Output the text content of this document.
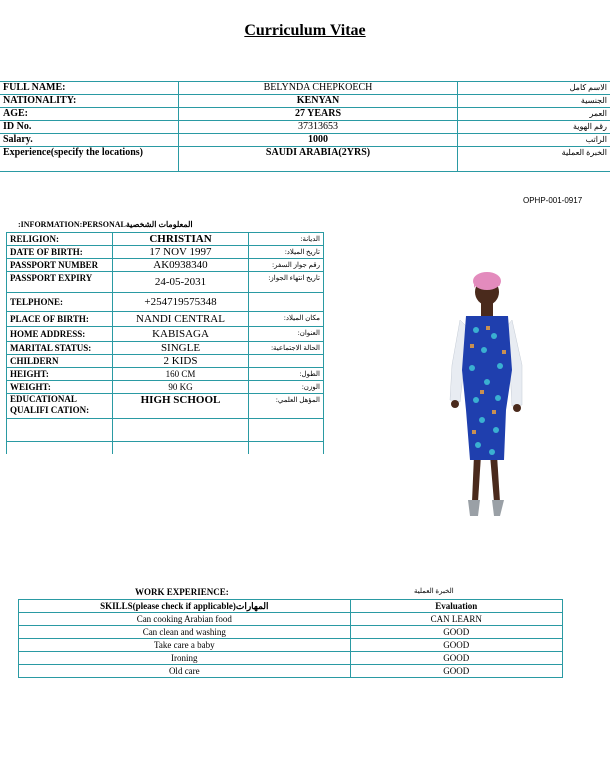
Curriculum Vitae
FULL NAME:	BELYNDA CHEPKOECH	الاسم كامل
NATIONALITY:	KENYAN	الجنسية
AGE:	27 YEARS	العمر
ID No.	37313653	رقم الهوية
Salary.	1000	الراتب
Experience(specify the locations)	SAUDI ARABIA(2YRS)	الخبرة العملية
OPHP-001-0917
:INFORMATION:PERSONALالمعلومات الشخصية
RELIGION:	CHRISTIAN	:الديانة
DATE OF BIRTH:	17 NOV 1997	:تاريخ الميلاد
PASSPORT NUMBER	AK0938340	:رقم جواز السفر
PASSPORT EXPIRY	24-05-2031	:تاريخ انتهاء الجواز
TELPHONE:	+254719575348	
PLACE OF BIRTH:	NANDI CENTRAL	:مكان الميلاد
HOME ADDRESS:	KABISAGA	:العنوان
MARITAL STATUS:	SINGLE	:الحالة الاجتماعية
CHILDERN	2 KIDS	
HEIGHT:	160 CM	:الطول
WEIGHT:	90 KG	:الوزن
EDUCATIONAL QUALIFI CATION:	HIGH SCHOOL	:المؤهل العلمي

WORK EXPERIENCE:	الخبرة العملية
SKILLS(please check if applicable)المهارات	Evaluation
Can cooking Arabian food	CAN LEARN
Can clean and washing	GOOD
Take care a baby	GOOD
Ironing	GOOD
Old care	GOOD
